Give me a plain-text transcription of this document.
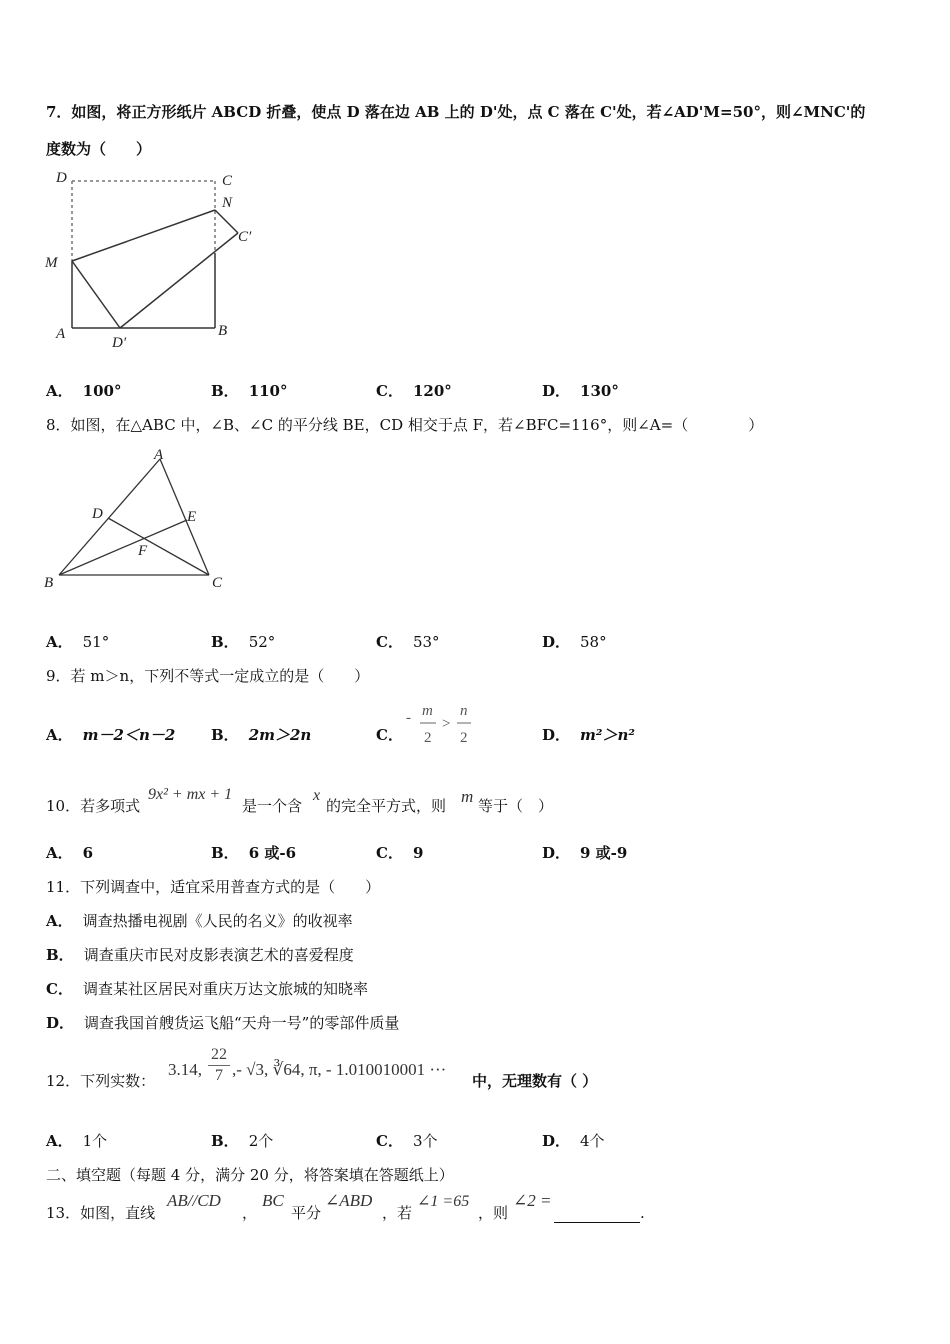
7．如图，将正方形纸片 ABCD 折叠，使点 D 落在边 AB 上的 D'处，点 C 落在 C'处，若∠AD'M=50°，则∠MNC'的
度数为（　　）
D	C
N
C′
M
A
D′
B
A． 100°	B． 110°	C． 120°	D． 130°
8．如图，在△ABC 中，∠B、∠C 的平分线 BE，CD 相交于点 F，若∠BFC=116°，则∠A=（　　　　）
A
D	E
F
B	C
A． 51°	B． 52°	C． 53°	D． 58°
9．若 m＞n，下列不等式一定成立的是（　　）
A． m－2＜n－2 B． 2m＞2n	C．
- m
2
>
n
2	D． m²＞n²
10．若多项式
9x² + mx + 1
是一个含
x
的完全平方式，则 m 等于（　）
A． 6	B． 6 或-6	C． 9	D． 9 或-9
11．下列调查中，适宜采用普查方式的是（　　）
A． 调查热播电视剧《人民的名义》的收视率
B． 调查重庆市民对皮影表演艺术的喜爱程度
C． 调查某社区居民对重庆万达文旅城的知晓率
D． 调查我国首艘货运飞船“天舟一号”的零部件质量
12．下列实数：
3.14,
22
7 ,- √3, ∛64, π, - 1.010010001 ···
中，无理数有（ ）
A． 1个	B． 2个	C． 3个	D． 4个
二、填空题（每题 4 分，满分 20 分，将答案填在答题纸上）
13．如图，直线
AB//CD
，
BC
平分
∠ABD
，若
∠1 =65
，则
∠2 =
.
